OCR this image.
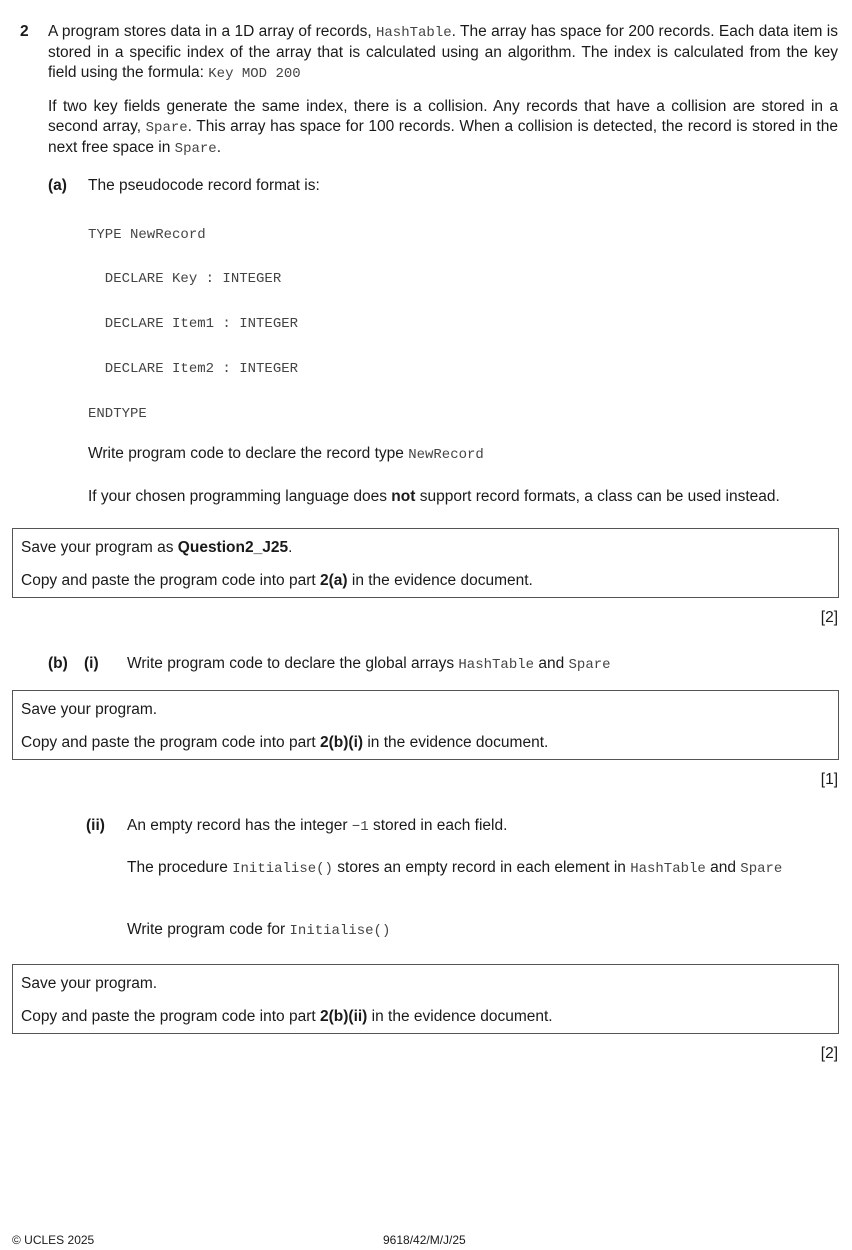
2 A program stores data in a 1D array of records, HashTable. The array has space for 200 records. Each data item is stored in a specific index of the array that is calculated using an algorithm. The index is calculated from the key field using the formula: Key MOD 200

If two key fields generate the same index, there is a collision. Any records that have a collision are stored in a second array, Spare. This array has space for 100 records. When a collision is detected, the record is stored in the next free space in Spare.

(a) The pseudocode record format is:
TYPE NewRecord
DECLARE Key : INTEGER
DECLARE Item1 : INTEGER
DECLARE Item2 : INTEGER
ENDTYPE
Write program code to declare the record type NewRecord

If your chosen programming language does not support record formats, a class can be used instead.

Save your program as Question2_J25.

Copy and paste the program code into part 2(a) in the evidence document.

[2]
(b) (i) Write program code to declare the global arrays HashTable and Spare

Save your program.

Copy and paste the program code into part 2(b)(i) in the evidence document.

[1]
(ii) An empty record has the integer −1 stored in each field.

The procedure Initialise() stores an empty record in each element in HashTable and Spare

Write program code for Initialise()

Save your program.

Copy and paste the program code into part 2(b)(ii) in the evidence document.

[2]
© UCLES 2025	9618/42/M/J/25
